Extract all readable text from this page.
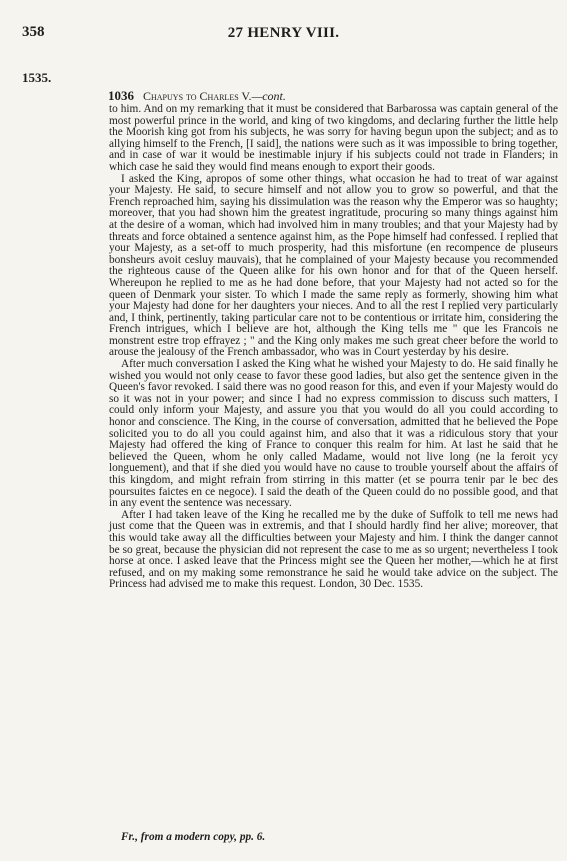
358	27 HENRY VIII.
1535.
1036 Chapuys to Charles V.—cont.

to him. And on my remarking that it must be considered that Barbarossa was captain general of the most powerful prince in the world, and king of two kingdoms, and declaring further the little help the Moorish king got from his subjects, he was sorry for having begun upon the subject; and as to allying himself to the French, [I said], the nations were such as it was impossible to bring together, and in case of war it would be inestimable injury if his subjects could not trade in Flanders; in which case he said they would find means enough to export their goods.

I asked the King, apropos of some other things, what occasion he had to treat of war against your Majesty. He said, to secure himself and not allow you to grow so powerful, and that the French reproached him, saying his dissimulation was the reason why the Emperor was so haughty; moreover, that you had shown him the greatest ingratitude, procuring so many things against him at the desire of a woman, which had involved him in many troubles; and that your Majesty had by threats and force obtained a sentence against him, as the Pope himself had confessed. I replied that your Majesty, as a set-off to much prosperity, had this misfortune (en recompence de pluseurs bonsheurs avoit cesluy mauvais), that he complained of your Majesty because you recommended the righteous cause of the Queen alike for his own honor and for that of the Queen herself. Whereupon he replied to me as he had done before, that your Majesty had not acted so for the queen of Denmark your sister. To which I made the same reply as formerly, showing him what your Majesty had done for her daughters your nieces. And to all the rest I replied very particularly and, I think, pertinently, taking particular care not to be contentious or irritate him, considering the French intrigues, which I believe are hot, although the King tells me " que les Francois ne monstrent estre trop effrayez ; " and the King only makes me such great cheer before the world to arouse the jealousy of the French ambassador, who was in Court yesterday by his desire.

After much conversation I asked the King what he wished your Majesty to do. He said finally he wished you would not only cease to favor these good ladies, but also get the sentence given in the Queen's favor revoked. I said there was no good reason for this, and even if your Majesty would do so it was not in your power; and since I had no express commission to discuss such matters, I could only inform your Majesty, and assure you that you would do all you could according to honor and conscience. The King, in the course of conversation, admitted that he believed the Pope solicited you to do all you could against him, and also that it was a ridiculous story that your Majesty had offered the king of France to conquer this realm for him. At last he said that he believed the Queen, whom he only called Madame, would not live long (ne la feroit ycy longuement), and that if she died you would have no cause to trouble yourself about the affairs of this kingdom, and might refrain from stirring in this matter (et se pourra tenir par le bec des poursuites faictes en ce negoce). I said the death of the Queen could do no possible good, and that in any event the sentence was necessary.

After I had taken leave of the King he recalled me by the duke of Suffolk to tell me news had just come that the Queen was in extremis, and that I should hardly find her alive; moreover, that this would take away all the difficulties between your Majesty and him. I think the danger cannot be so great, because the physician did not represent the case to me as so urgent; nevertheless I took horse at once. I asked leave that the Princess might see the Queen her mother,—which he at first refused, and on my making some remonstrance he said he would take advice on the subject. The Princess had advised me to make this request. London, 30 Dec. 1535.

Fr., from a modern copy, pp. 6.
